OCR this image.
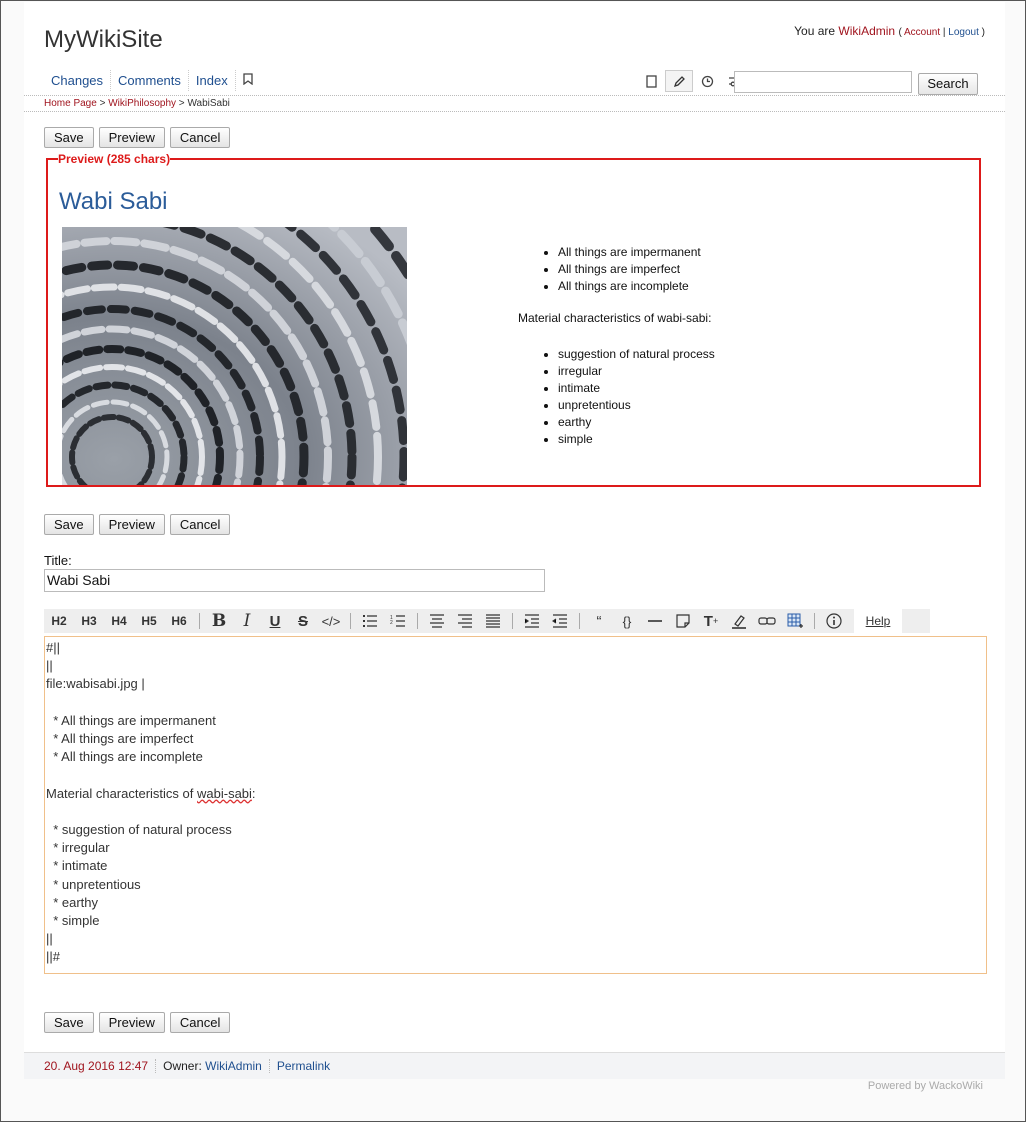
MyWikiSite	You are WikiAdmin ( Account | Logout )
Changes	Comments	Index
	Search
Home Page > WikiPhilosophy > WabiSabi
Save	Preview	Cancel
Preview (285 chars)
Wabi Sabi
• All things are impermanent
• All things are imperfect
• All things are incomplete
Material characteristics of wabi-sabi:
• suggestion of natural process
• irregular
• intimate
• unpretentious
• earthy
• simple
Save	Preview	Cancel
Title:
Wabi Sabi
H2	H3	H4	H5	H6	B I U S	</>	1
2	“	{}	T +	Help
#||
||
file:wabisabi.jpg |

* All things are impermanent
* All things are imperfect
* All things are incomplete

Material characteristics of wabi-sabi:

* suggestion of natural process
* irregular
* intimate
* unpretentious
* earthy
* simple
||
||#
Save	Preview	Cancel
20. Aug 2016 12:47	Owner: WikiAdmin	Permalink
Powered by WackoWiki
